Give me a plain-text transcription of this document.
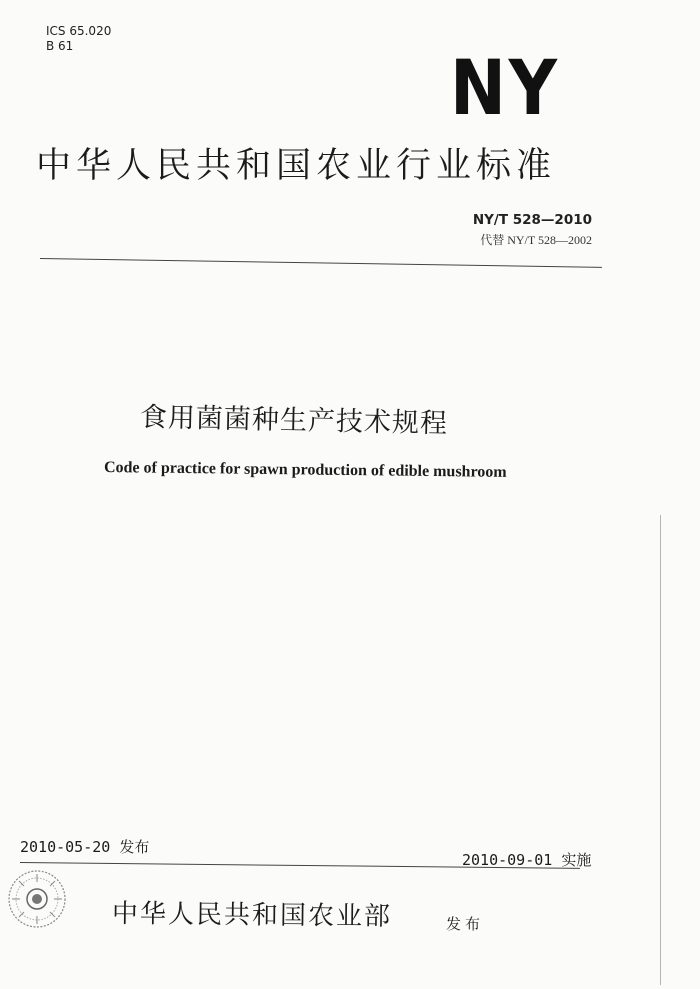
ICS 65.020
B 61	NY
中华人民共和国农业行业标准
NY/T 528—2010
代替 NY/T 528—2002
食用菌菌种生产技术规程
Code of practice for spawn production of edible mushroom
2010-05-20 发布
2010-09-01 实施
中华人民共和国农业部	发布
